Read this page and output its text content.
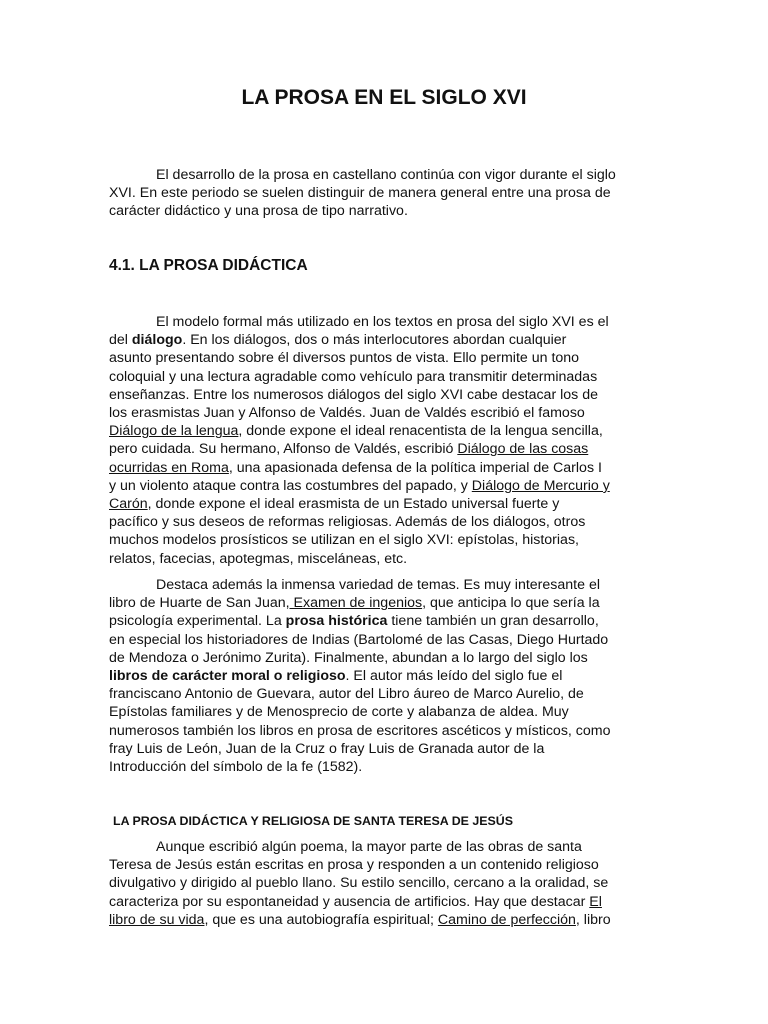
LA PROSA EN EL SIGLO XVI

El desarrollo de la prosa en castellano continúa con vigor durante el siglo
XVI. En este periodo se suelen distinguir de manera general entre una prosa de
carácter didáctico y una prosa de tipo narrativo.

4.1. LA PROSA DIDÁCTICA

El modelo formal más utilizado en los textos en prosa del siglo XVI es el
del diálogo. En los diálogos, dos o más interlocutores abordan cualquier
asunto presentando sobre él diversos puntos de vista. Ello permite un tono
coloquial y una lectura agradable como vehículo para transmitir determinadas
enseñanzas. Entre los numerosos diálogos del siglo XVI cabe destacar los de
los erasmistas Juan y Alfonso de Valdés. Juan de Valdés escribió el famoso
Diálogo de la lengua, donde expone el ideal renacentista de la lengua sencilla,
pero cuidada. Su hermano, Alfonso de Valdés, escribió Diálogo de las cosas
ocurridas en Roma, una apasionada defensa de la política imperial de Carlos I
y un violento ataque contra las costumbres del papado, y Diálogo de Mercurio y
Carón, donde expone el ideal erasmista de un Estado universal fuerte y
pacífico y sus deseos de reformas religiosas. Además de los diálogos, otros
muchos modelos prosísticos se utilizan en el siglo XVI: epístolas, historias,
relatos, facecias, apotegmas, misceláneas, etc.

Destaca además la inmensa variedad de temas. Es muy interesante el
libro de Huarte de San Juan, Examen de ingenios, que anticipa lo que sería la
psicología experimental. La prosa histórica tiene también un gran desarrollo,
en especial los historiadores de Indias (Bartolomé de las Casas, Diego Hurtado
de Mendoza o Jerónimo Zurita). Finalmente, abundan a lo largo del siglo los
libros de carácter moral o religioso. El autor más leído del siglo fue el
franciscano Antonio de Guevara, autor del Libro áureo de Marco Aurelio, de
Epístolas familiares y de Menosprecio de corte y alabanza de aldea. Muy
numerosos también los libros en prosa de escritores ascéticos y místicos, como
fray Luis de León, Juan de la Cruz o fray Luis de Granada autor de la
Introducción del símbolo de la fe (1582).

LA PROSA DIDÁCTICA Y RELIGIOSA DE SANTA TERESA DE JESÚS

Aunque escribió algún poema, la mayor parte de las obras de santa
Teresa de Jesús están escritas en prosa y responden a un contenido religioso
divulgativo y dirigido al pueblo llano. Su estilo sencillo, cercano a la oralidad, se
caracteriza por su espontaneidad y ausencia de artificios. Hay que destacar El
libro de su vida, que es una autobiografía espiritual; Camino de perfección, libro
